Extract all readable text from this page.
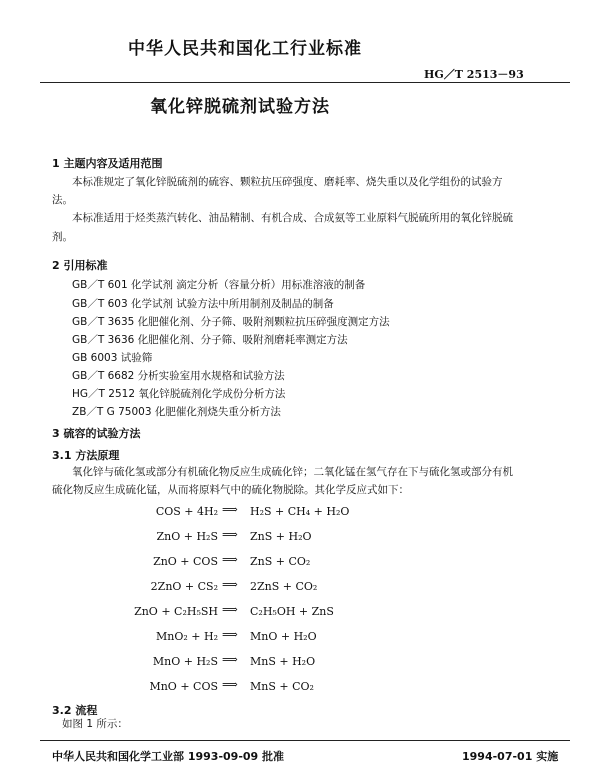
中华人民共和国化工行业标准
HG／T 2513－93
氧化锌脱硫剂试验方法
1 主题内容及适用范围
本标准规定了氧化锌脱硫剂的硫容、颗粒抗压碎强度、磨耗率、烧失重以及化学组份的试验方
法。
本标准适用于烃类蒸汽转化、油品精制、有机合成、合成氨等工业原料气脱硫所用的氧化锌脱硫
剂。
2 引用标准
GB／T 601 化学试剂 滴定分析（容量分析）用标准溶液的制备
GB／T 603 化学试剂 试验方法中所用制剂及制品的制备
GB／T 3635 化肥催化剂、分子筛、吸附剂颗粒抗压碎强度测定方法
GB／T 3636 化肥催化剂、分子筛、吸附剂磨耗率测定方法
GB 6003 试验筛
GB／T 6682 分析实验室用水规格和试验方法
HG／T 2512 氧化锌脱硫剂化学成份分析方法
ZB／T G 75003 化肥催化剂烧失重分析方法
3 硫容的试验方法
3.1 方法原理
氧化锌与硫化氢或部分有机硫化物反应生成硫化锌；二氧化锰在氢气存在下与硫化氢或部分有机
硫化物反应生成硫化锰，从而将原料气中的硫化物脱除。其化学反应式如下：
COS + 4H₂ ⟹ H₂S + CH₄ + H₂O
ZnO + H₂S ⟹ ZnS + H₂O
ZnO + COS ⟹ ZnS + CO₂
2ZnO + CS₂ ⟹ 2ZnS + CO₂
ZnO + C₂H₅SH ⟹ C₂H₅OH + ZnS
MnO₂ + H₂ ⟹ MnO + H₂O
MnO + H₂S ⟹ MnS + H₂O
MnO + COS ⟹ MnS + CO₂
3.2 流程
如图 1 所示：
中华人民共和国化学工业部 1993-09-09 批准	1994-07-01 实施
